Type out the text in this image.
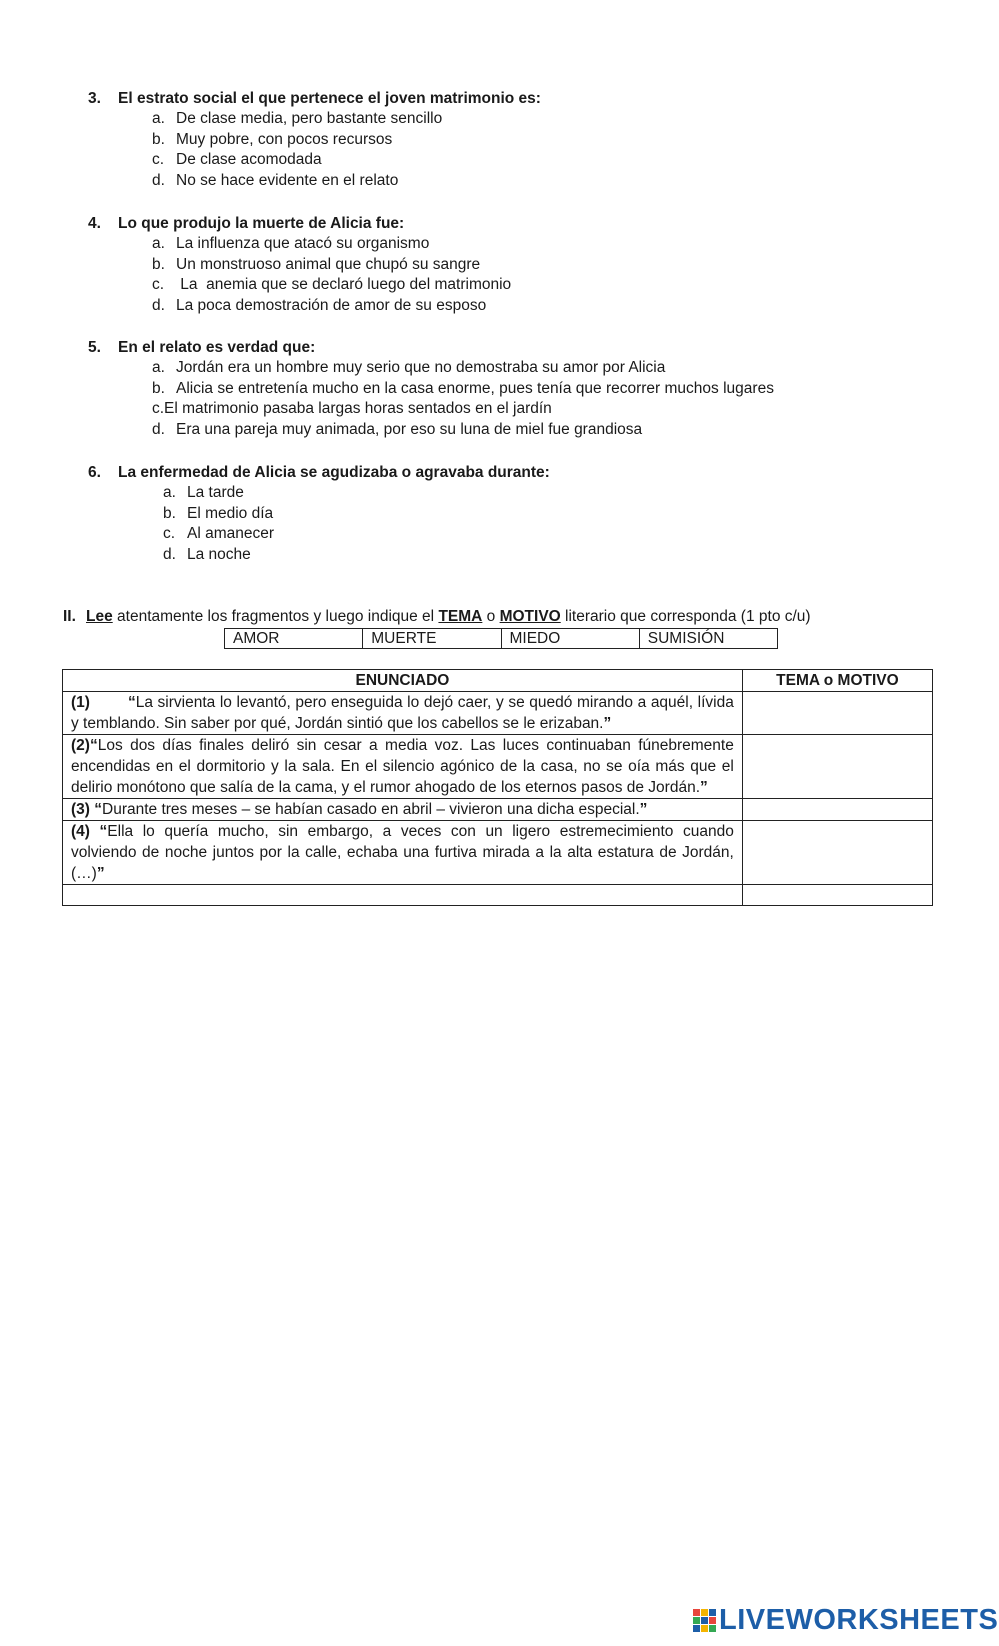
3. El estrato social el que pertenece el joven matrimonio es:
a. De clase media, pero bastante sencillo
b. Muy pobre, con pocos recursos
c. De clase acomodada
d. No se hace evidente en el relato
4. Lo que produjo la muerte de Alicia fue:
a. La influenza que atacó su organismo
b. Un monstruoso animal que chupó su sangre
c. La  anemia que se declaró luego del matrimonio
d. La poca demostración de amor de su esposo
5. En el relato es verdad que:
a. Jordán era un hombre muy serio que no demostraba su amor por Alicia
b. Alicia se entretenía mucho en la casa enorme, pues tenía que recorrer muchos lugares
c.El matrimonio pasaba largas horas sentados en el jardín
d. Era una pareja muy animada, por eso su luna de miel fue grandiosa
6. La enfermedad de Alicia se agudizaba o agravaba durante:
a. La tarde
b. El medio día
c. Al amanecer
d. La noche
II. Lee atentamente los fragmentos y luego indique el TEMA o MOTIVO literario que corresponda (1 pto c/u)
AMOR	MUERTE	MIEDO	SUMISIÓN
ENUNCIADO	TEMA o MOTIVO
(1) “La sirvienta lo levantó, pero enseguida lo dejó caer, y se quedó mirando a aquél, lívida y temblando. Sin saber por qué, Jordán sintió que los cabellos se le erizaban.”	
(2)“Los dos días finales deliró sin cesar a media voz. Las luces continuaban fúnebremente encendidas en el dormitorio y la sala. En el silencio agónico de la casa, no se oía más que el delirio monótono que salía de la cama, y el rumor ahogado de los eternos pasos de Jordán.”	
(3) “Durante tres meses – se habían casado en abril – vivieron una dicha especial.”	
(4) “Ella lo quería mucho, sin embargo, a veces con un ligero estremecimiento cuando volviendo de noche juntos por la calle, echaba una furtiva mirada a la alta estatura de Jordán, (…)”	

LIVEWORKSHEETS
